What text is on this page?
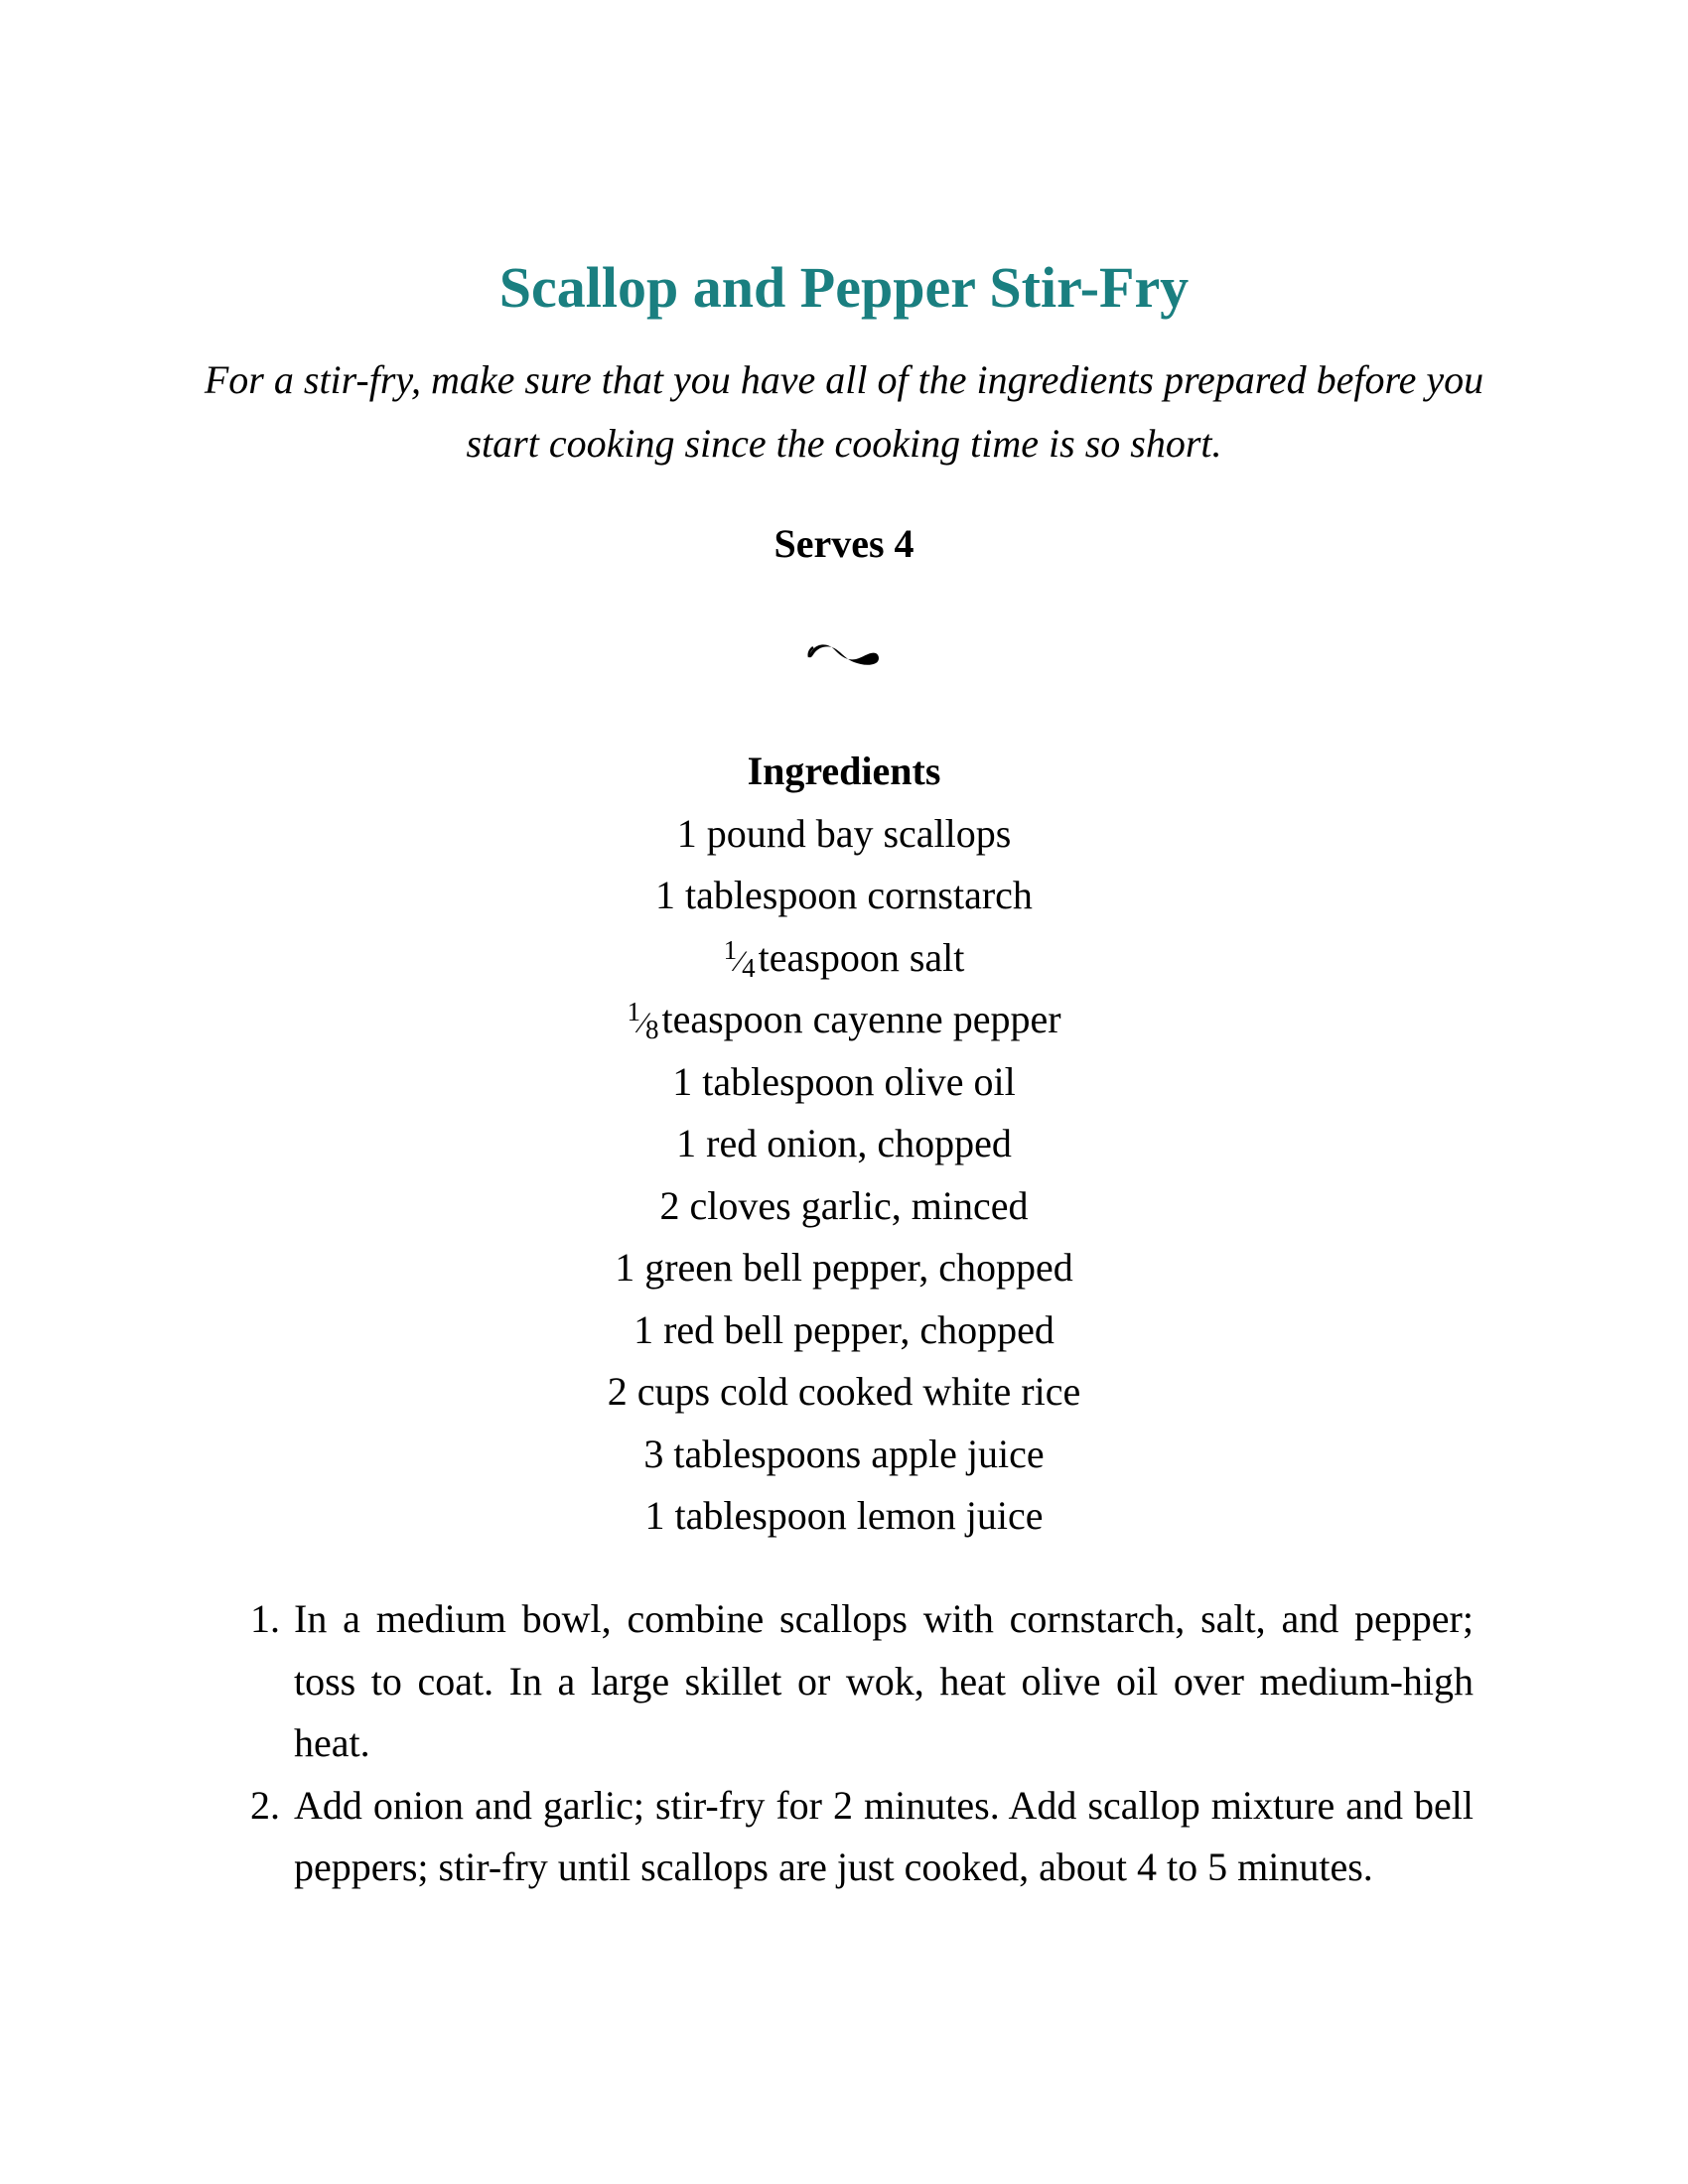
Scallop and Pepper Stir-Fry
For a stir-fry, make sure that you have all of the ingredients prepared before you start cooking since the cooking time is so short.
Serves 4
Ingredients
1 pound bay scallops
1 tablespoon cornstarch
1⁄4teaspoon salt
1⁄8teaspoon cayenne pepper
1 tablespoon olive oil
1 red onion, chopped
2 cloves garlic, minced
1 green bell pepper, chopped
1 red bell pepper, chopped
2 cups cold cooked white rice
3 tablespoons apple juice
1 tablespoon lemon juice
1. In a medium bowl, combine scallops with cornstarch, salt, and pepper; toss to coat. In a large skillet or wok, heat olive oil over medium-high heat.
2. Add onion and garlic; stir-fry for 2 minutes. Add scallop mixture and bell peppers; stir-fry until scallops are just cooked, about 4 to 5 minutes.
